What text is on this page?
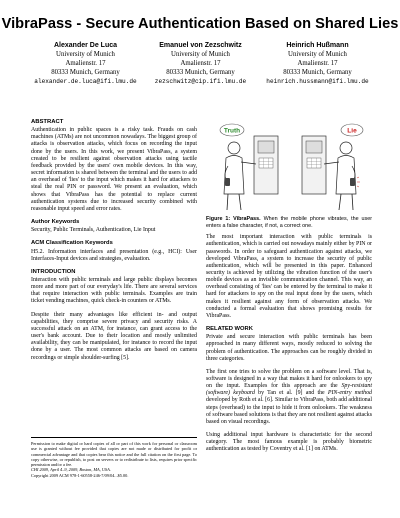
VibraPass - Secure Authentication Based on Shared Lies
Alexander De Luca
University of Munich
Amalienstr. 17
80333 Munich, Germany
alexander.de.luca@ifi.lmu.de
Emanuel von Zezschwitz
University of Munich
Amalienstr. 17
80333 Munich, Germany
zezschwitz@cip.ifi.lmu.de
Heinrich Hußmann
University of Munich
Amalienstr. 17
80333 Munich, Germany
heinrich.hussmann@ifi.lmu.de
ABSTRACT

Authentication in public spaces is a risky task. Frauds on cash machines (ATMs) are not uncommon nowadays. The biggest group of attacks is observation attacks, which focus on recording the input done by the users. In this work, we present VibraPass, a system created to be resilient against observation attacks using tactile feedback provided by the users' own mobile devices. In this way, secret information is shared between the terminal and the users to add an overhead of 'lies' to the input which makes it hard for attackers to steal the real PIN or password. We present an evaluation, which shows that VibraPass has the potential to replace current authentication systems due to increased security combined with reasonable input speed and error rates.

Author Keywords

Security, Public Terminals, Authentication, Lie Input

ACM Classification Keywords

H5.2. Information interfaces and presentation (e.g., HCI): User Interfaces-Input devices and strategies, evaluation.

INTRODUCTION

Interaction with public terminals and large public displays becomes more and more part of our everyday's life. There are several services that require interaction with public terminals. Examples are train ticket vending machines, quick check-in counters or ATMs.

Despite their many advantages like efficient in- and output capabilities, they comprise severe privacy and security risks. A successful attack on an ATM, for instance, can grant access to the user's bank account. Due to their location and mostly unlimited availability, they can be manipulated, for instance to record the input done by a user. The most common attacks are based on camera recordings or simple shoulder-surfing [5].

Permission to make digital or hard copies of all or part of this work for personal or classroom use is granted without fee provided that copies are not made or distributed for profit or commercial advantage and that copies bear this notice and the full citation on the first page. To copy otherwise, or republish, to post on servers or to redistribute to lists, requires prior specific permission and/or a fee.
CHI 2009, April 4–9, 2009, Boston, MA, USA.
Copyright 2009 ACM 978-1-60558-246-7/09/04...$5.00.
Truth	Lie
Figure 1: VibraPass. When the mobile phone vibrates, the user enters a false character, if not, a correct one.

The most important interaction with public terminals is authentication, which is carried out nowadays mainly either by PIN or passwords. In order to safeguard authentication against attacks, we developed VibraPass, a system to increase the security of public authentication, which will be presented in this paper. Enhanced security is achieved by utilizing the vibration function of the user's mobile devices as an invisible communication channel. This way, an overhead consisting of 'lies' can be entered by the terminal to make it hard for attackers to spy on the real input done by the users, which makes it resilient against any form of observation attacks. We conducted a formal evaluation that shows promising results for VibraPass.

RELATED WORK

Private and secure interaction with public terminals has been approached in many different ways, mostly reduced to solving the problem of authentication. The approaches can be roughly divided in three categories.

The first one tries to solve the problem on a software level. That is, software is designed in a way that makes it hard for onlookers to spy on the input. Examples for this approach are the Spy-resistant (software) keyboard by Tan et al. [9] and the PIN-entry method developed by Roth et al. [6]. Similar to VibraPass, both add additional steps (overhead) to the input to hide it from onlookers. The weakness of software based solutions is that they are not resilient against attacks based on visual recordings.

Using additional input hardware is characteristic for the second category. The most famous example is probably biometric authentication as tested by Coventry et al. [1] on ATMs.
